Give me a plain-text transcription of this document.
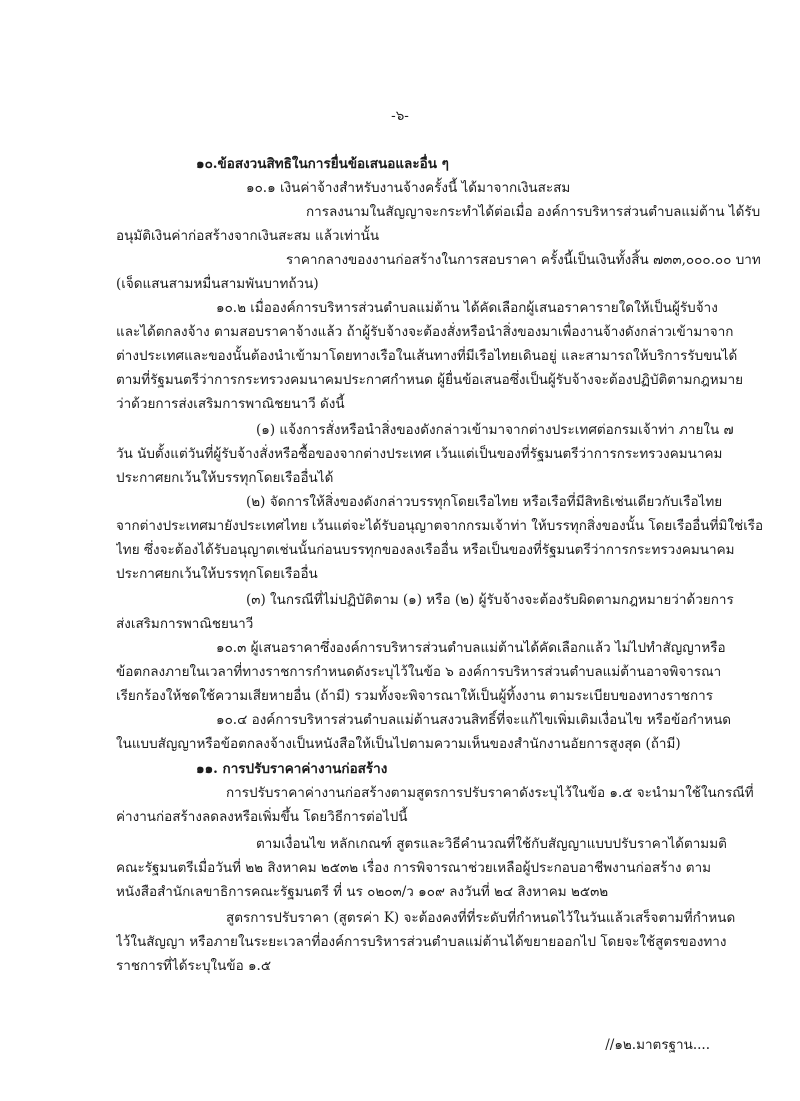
-๖-
๑๐.ข้อสงวนสิทธิในการยื่นข้อเสนอและอื่น ๆ
๑๐.๑ เงินค่าจ้างสำหรับงานจ้างครั้งนี้ ได้มาจากเงินสะสม
การลงนามในสัญญาจะกระทำได้ต่อเมื่อ องค์การบริหารส่วนตำบลแม่ต้าน ได้รับ
อนุมัติเงินค่าก่อสร้างจากเงินสะสม แล้วเท่านั้น
ราคากลางของงานก่อสร้างในการสอบราคา ครั้งนี้เป็นเงินทั้งสิ้น ๗๓๓,๐๐๐.๐๐ บาท
(เจ็ดแสนสามหมื่นสามพันบาทถ้วน)
๑๐.๒ เมื่อองค์การบริหารส่วนตำบลแม่ต้าน ได้คัดเลือกผู้เสนอราคารายใดให้เป็นผู้รับจ้าง
และได้ตกลงจ้าง ตามสอบราคาจ้างแล้ว ถ้าผู้รับจ้างจะต้องสั่งหรือนำสิ่งของมาเพื่องานจ้างดังกล่าวเข้ามาจาก
ต่างประเทศและของนั้นต้องนำเข้ามาโดยทางเรือในเส้นทางที่มีเรือไทยเดินอยู่ และสามารถให้บริการรับขนได้
ตามที่รัฐมนตรีว่าการกระทรวงคมนาคมประกาศกำหนด ผู้ยื่นข้อเสนอซึ่งเป็นผู้รับจ้างจะต้องปฏิบัติตามกฎหมาย
ว่าด้วยการส่งเสริมการพาณิชยนาวี ดังนี้
(๑) แจ้งการสั่งหรือนำสิ่งของดังกล่าวเข้ามาจากต่างประเทศต่อกรมเจ้าท่า ภายใน ๗
วัน นับตั้งแต่วันที่ผู้รับจ้างสั่งหรือซื้อของจากต่างประเทศ เว้นแต่เป็นของที่รัฐมนตรีว่าการกระทรวงคมนาคม
ประกาศยกเว้นให้บรรทุกโดยเรืออื่นได้
(๒) จัดการให้สิ่งของดังกล่าวบรรทุกโดยเรือไทย หรือเรือที่มีสิทธิเช่นเดียวกับเรือไทย
จากต่างประเทศมายังประเทศไทย เว้นแต่จะได้รับอนุญาตจากกรมเจ้าท่า ให้บรรทุกสิ่งของนั้น โดยเรืออื่นที่มิใช่เรือ
ไทย ซึ่งจะต้องได้รับอนุญาตเช่นนั้นก่อนบรรทุกของลงเรืออื่น หรือเป็นของที่รัฐมนตรีว่าการกระทรวงคมนาคม
ประกาศยกเว้นให้บรรทุกโดยเรืออื่น
(๓) ในกรณีที่ไม่ปฏิบัติตาม (๑) หรือ (๒) ผู้รับจ้างจะต้องรับผิดตามกฎหมายว่าด้วยการ
ส่งเสริมการพาณิชยนาวี
๑๐.๓ ผู้เสนอราคาซึ่งองค์การบริหารส่วนตำบลแม่ต้านได้คัดเลือกแล้ว ไม่ไปทำสัญญาหรือ
ข้อตกลงภายในเวลาที่ทางราชการกำหนดดังระบุไว้ในข้อ ๖ องค์การบริหารส่วนตำบลแม่ต้านอาจพิจารณา
เรียกร้องให้ชดใช้ความเสียหายอื่น (ถ้ามี) รวมทั้งจะพิจารณาให้เป็นผู้ทิ้งงาน ตามระเบียบของทางราชการ
๑๐.๔ องค์การบริหารส่วนตำบลแม่ต้านสงวนสิทธิ์ที่จะแก้ไขเพิ่มเติมเงื่อนไข หรือข้อกำหนด
ในแบบสัญญาหรือข้อตกลงจ้างเป็นหนังสือให้เป็นไปตามความเห็นของสำนักงานอัยการสูงสุด (ถ้ามี)
๑๑. การปรับราคาค่างานก่อสร้าง
การปรับราคาค่างานก่อสร้างตามสูตรการปรับราคาดังระบุไว้ในข้อ ๑.๕ จะนำมาใช้ในกรณีที่
ค่างานก่อสร้างลดลงหรือเพิ่มขึ้น โดยวิธีการต่อไปนี้
ตามเงื่อนไข หลักเกณฑ์ สูตรและวิธีคำนวณที่ใช้กับสัญญาแบบปรับราคาได้ตามมติ
คณะรัฐมนตรีเมื่อวันที่ ๒๒ สิงหาคม ๒๕๓๒ เรื่อง การพิจารณาช่วยเหลือผู้ประกอบอาชีพงานก่อสร้าง ตาม
หนังสือสำนักเลขาธิการคณะรัฐมนตรี ที่ นร ๐๒๐๓/ว ๑๐๙ ลงวันที่ ๒๔ สิงหาคม ๒๕๓๒
สูตรการปรับราคา (สูตรค่า K) จะต้องคงที่ที่ระดับที่กำหนดไว้ในวันแล้วเสร็จตามที่กำหนด
ไว้ในสัญญา หรือภายในระยะเวลาที่องค์การบริหารส่วนตำบลแม่ต้านได้ขยายออกไป โดยจะใช้สูตรของทาง
ราชการที่ได้ระบุในข้อ ๑.๕
//๑๒.มาตรฐาน....
